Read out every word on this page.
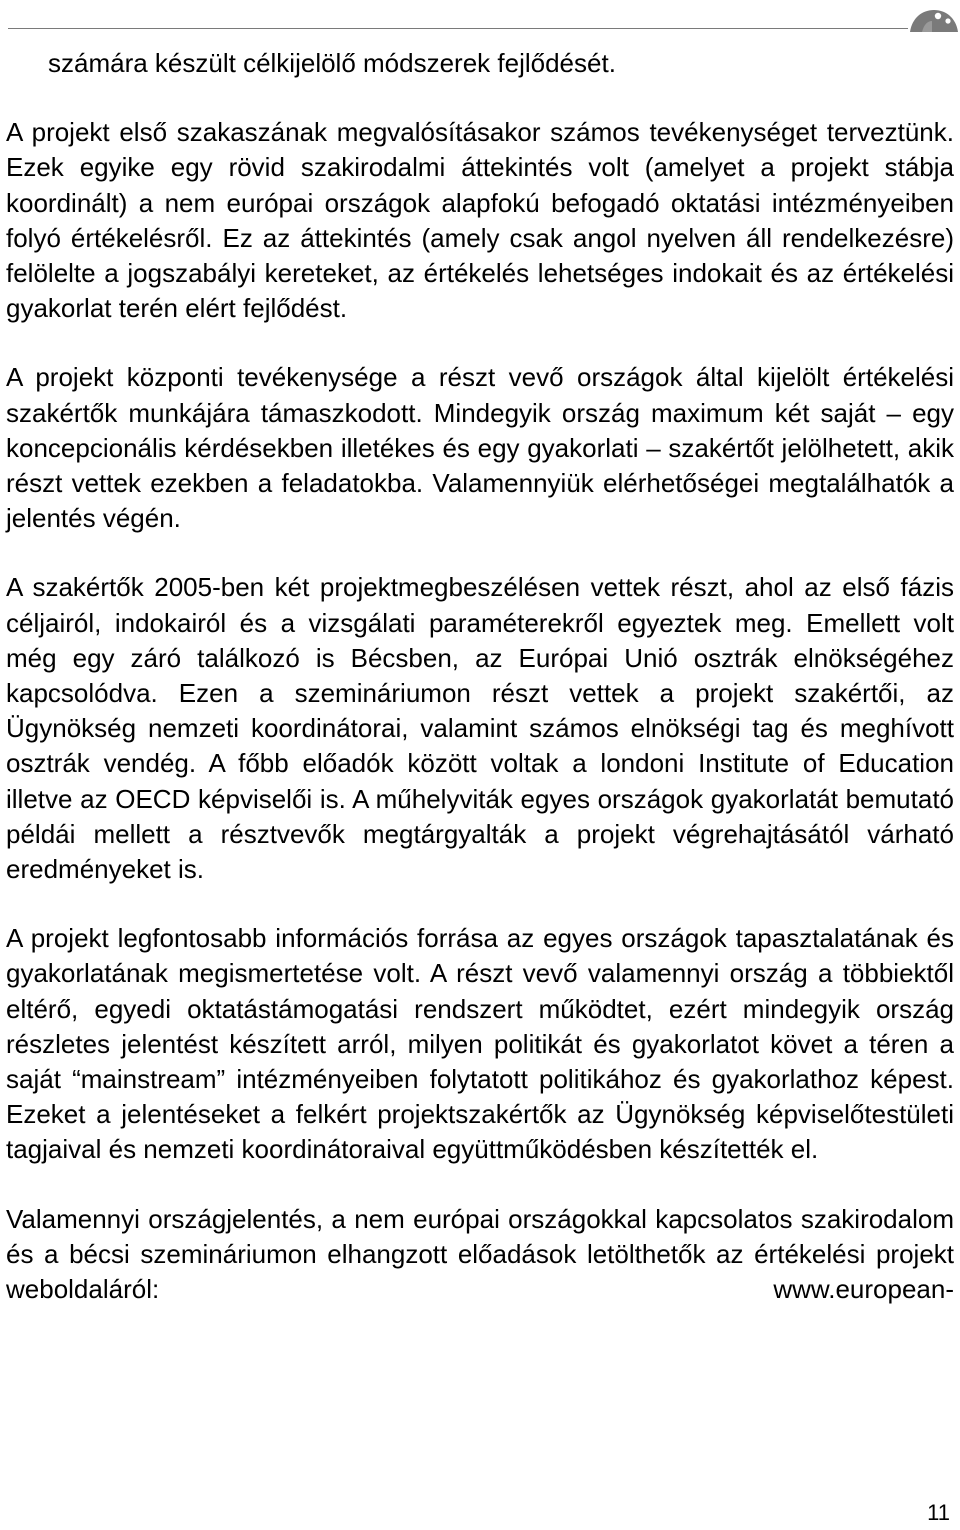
számára készült célkijelölő módszerek fejlődését.

A projekt első szakaszának megvalósításakor számos tevékenységet terveztünk. Ezek egyike egy rövid szakirodalmi áttekintés volt (amelyet a projekt stábja koordinált) a nem európai országok alapfokú befogadó oktatási intézményeiben folyó értékelésről. Ez az áttekintés (amely csak angol nyelven áll rendelkezésre) felölelte a jogszabályi kereteket, az értékelés lehetséges indokait és az értékelési gyakorlat terén elért fejlődést.

A projekt központi tevékenysége a részt vevő országok által kijelölt értékelési szakértők munkájára támaszkodott. Mindegyik ország maximum két saját – egy koncepcionális kérdésekben illetékes és egy gyakorlati – szakértőt jelölhetett, akik részt vettek ezekben a feladatokba. Valamennyiük elérhetőségei megtalálhatók a jelentés végén.

A szakértők 2005-ben két projektmegbeszélésen vettek részt, ahol az első fázis céljairól, indokairól és a vizsgálati paraméterekről egyeztek meg. Emellett volt még egy záró találkozó is Bécsben, az Európai Unió osztrák elnökségéhez kapcsolódva. Ezen a szemináriumon részt vettek a projekt szakértői, az Ügynökség nemzeti koordinátorai, valamint számos elnökségi tag és meghívott osztrák vendég. A főbb előadók között voltak a londoni Institute of Education illetve az OECD képviselői is. A műhelyviták egyes országok gyakorlatát bemutató példái mellett a résztvevők megtárgyalták a projekt végrehajtásától várható eredményeket is.

A projekt legfontosabb információs forrása az egyes országok tapasztalatának és gyakorlatának megismertetése volt. A részt vevő valamennyi ország a többiektől eltérő, egyedi oktatástámogatási rendszert működtet, ezért mindegyik ország részletes jelentést készített arról, milyen politikát és gyakorlatot követ a téren a saját “mainstream” intézményeiben folytatott politikához és gyakorlathoz képest. Ezeket a jelentéseket a felkért projektszakértők az Ügynökség képviselőtestületi tagjaival és nemzeti koordinátoraival együttműködésben készítették el.

Valamennyi országjelentés, a nem európai országokkal kapcsolatos szakirodalom és a bécsi szemináriumon elhangzott előadások letölthetők az értékelési projekt weboldaláról: www.european-

11
